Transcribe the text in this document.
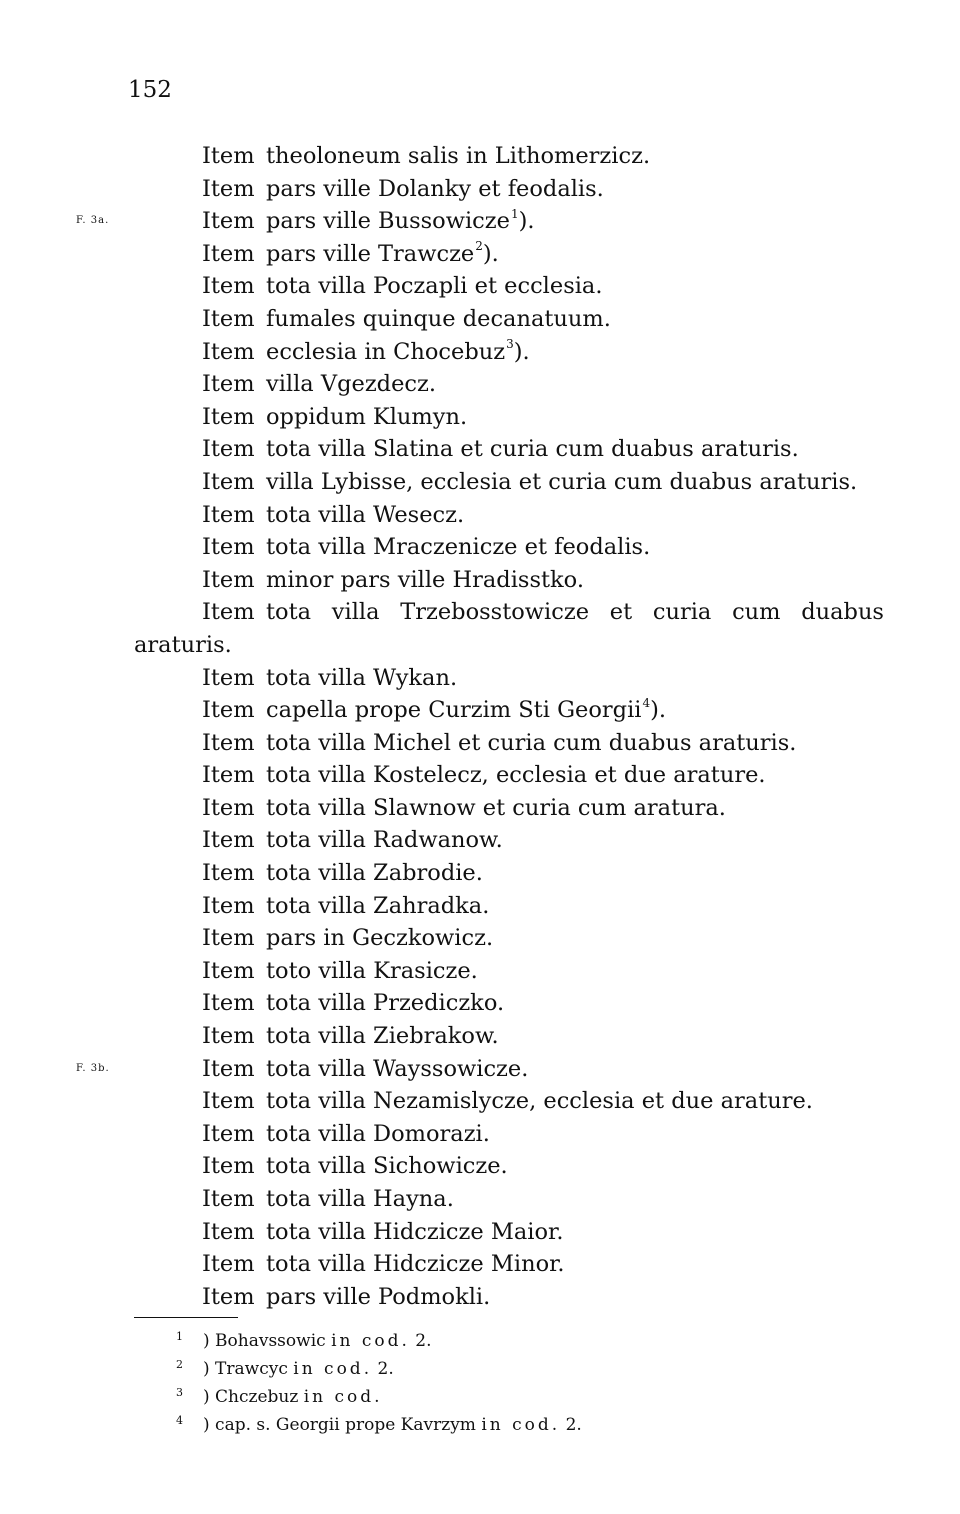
152
Item theoloneum salis in Lithomerzicz.
Item pars ville Dolanky et feodalis.
F. 3a.	Item pars ville Bussowicze$^1$).
Item pars ville Trawcze$^2$).
Item tota villa Poczapli et ecclesia.
Item fumales quinque decanatuum.
Item ecclesia in Chocebuz$^3$).
Item villa Vgezdecz.
Item oppidum Klumyn.
Item tota villa Slatina et curia cum duabus araturis.
Item villa Lybisse, ecclesia et curia cum duabus araturis.
Item tota villa Wesecz.
Item tota villa Mraczenicze et feodalis.
Item minor pars ville Hradisstko.
Item tota villa Trzebosstowicze et curia cum duabus
araturis.
Item tota villa Wykan.
Item capella prope Curzim Sti Georgii$^4$).
Item tota villa Michel et curia cum duabus araturis.
Item tota villa Kostelecz, ecclesia et due arature.
Item tota villa Slawnow et curia cum aratura.
Item tota villa Radwanow.
Item tota villa Zabrodie.
Item tota villa Zahradka.
Item pars in Geczkowicz.
Item toto villa Krasicze.
Item tota villa Przediczko.
Item tota villa Ziebrakow.
F. 3b.	Item tota villa Wayssowicze.
Item tota villa Nezamislycze, ecclesia et due arature.
Item tota villa Domorazi.
Item tota villa Sichowicze.
Item tota villa Hayna.
Item tota villa Hidczicze Maior.
Item tota villa Hidczicze Minor.
Item pars ville Podmokli.
1 ) Bohavssowic in cod. 2.
2 ) Trawcyc in cod. 2.
3 ) Chczebuz in cod.
4 ) cap. s. Georgii prope Kavrzym in cod. 2.
